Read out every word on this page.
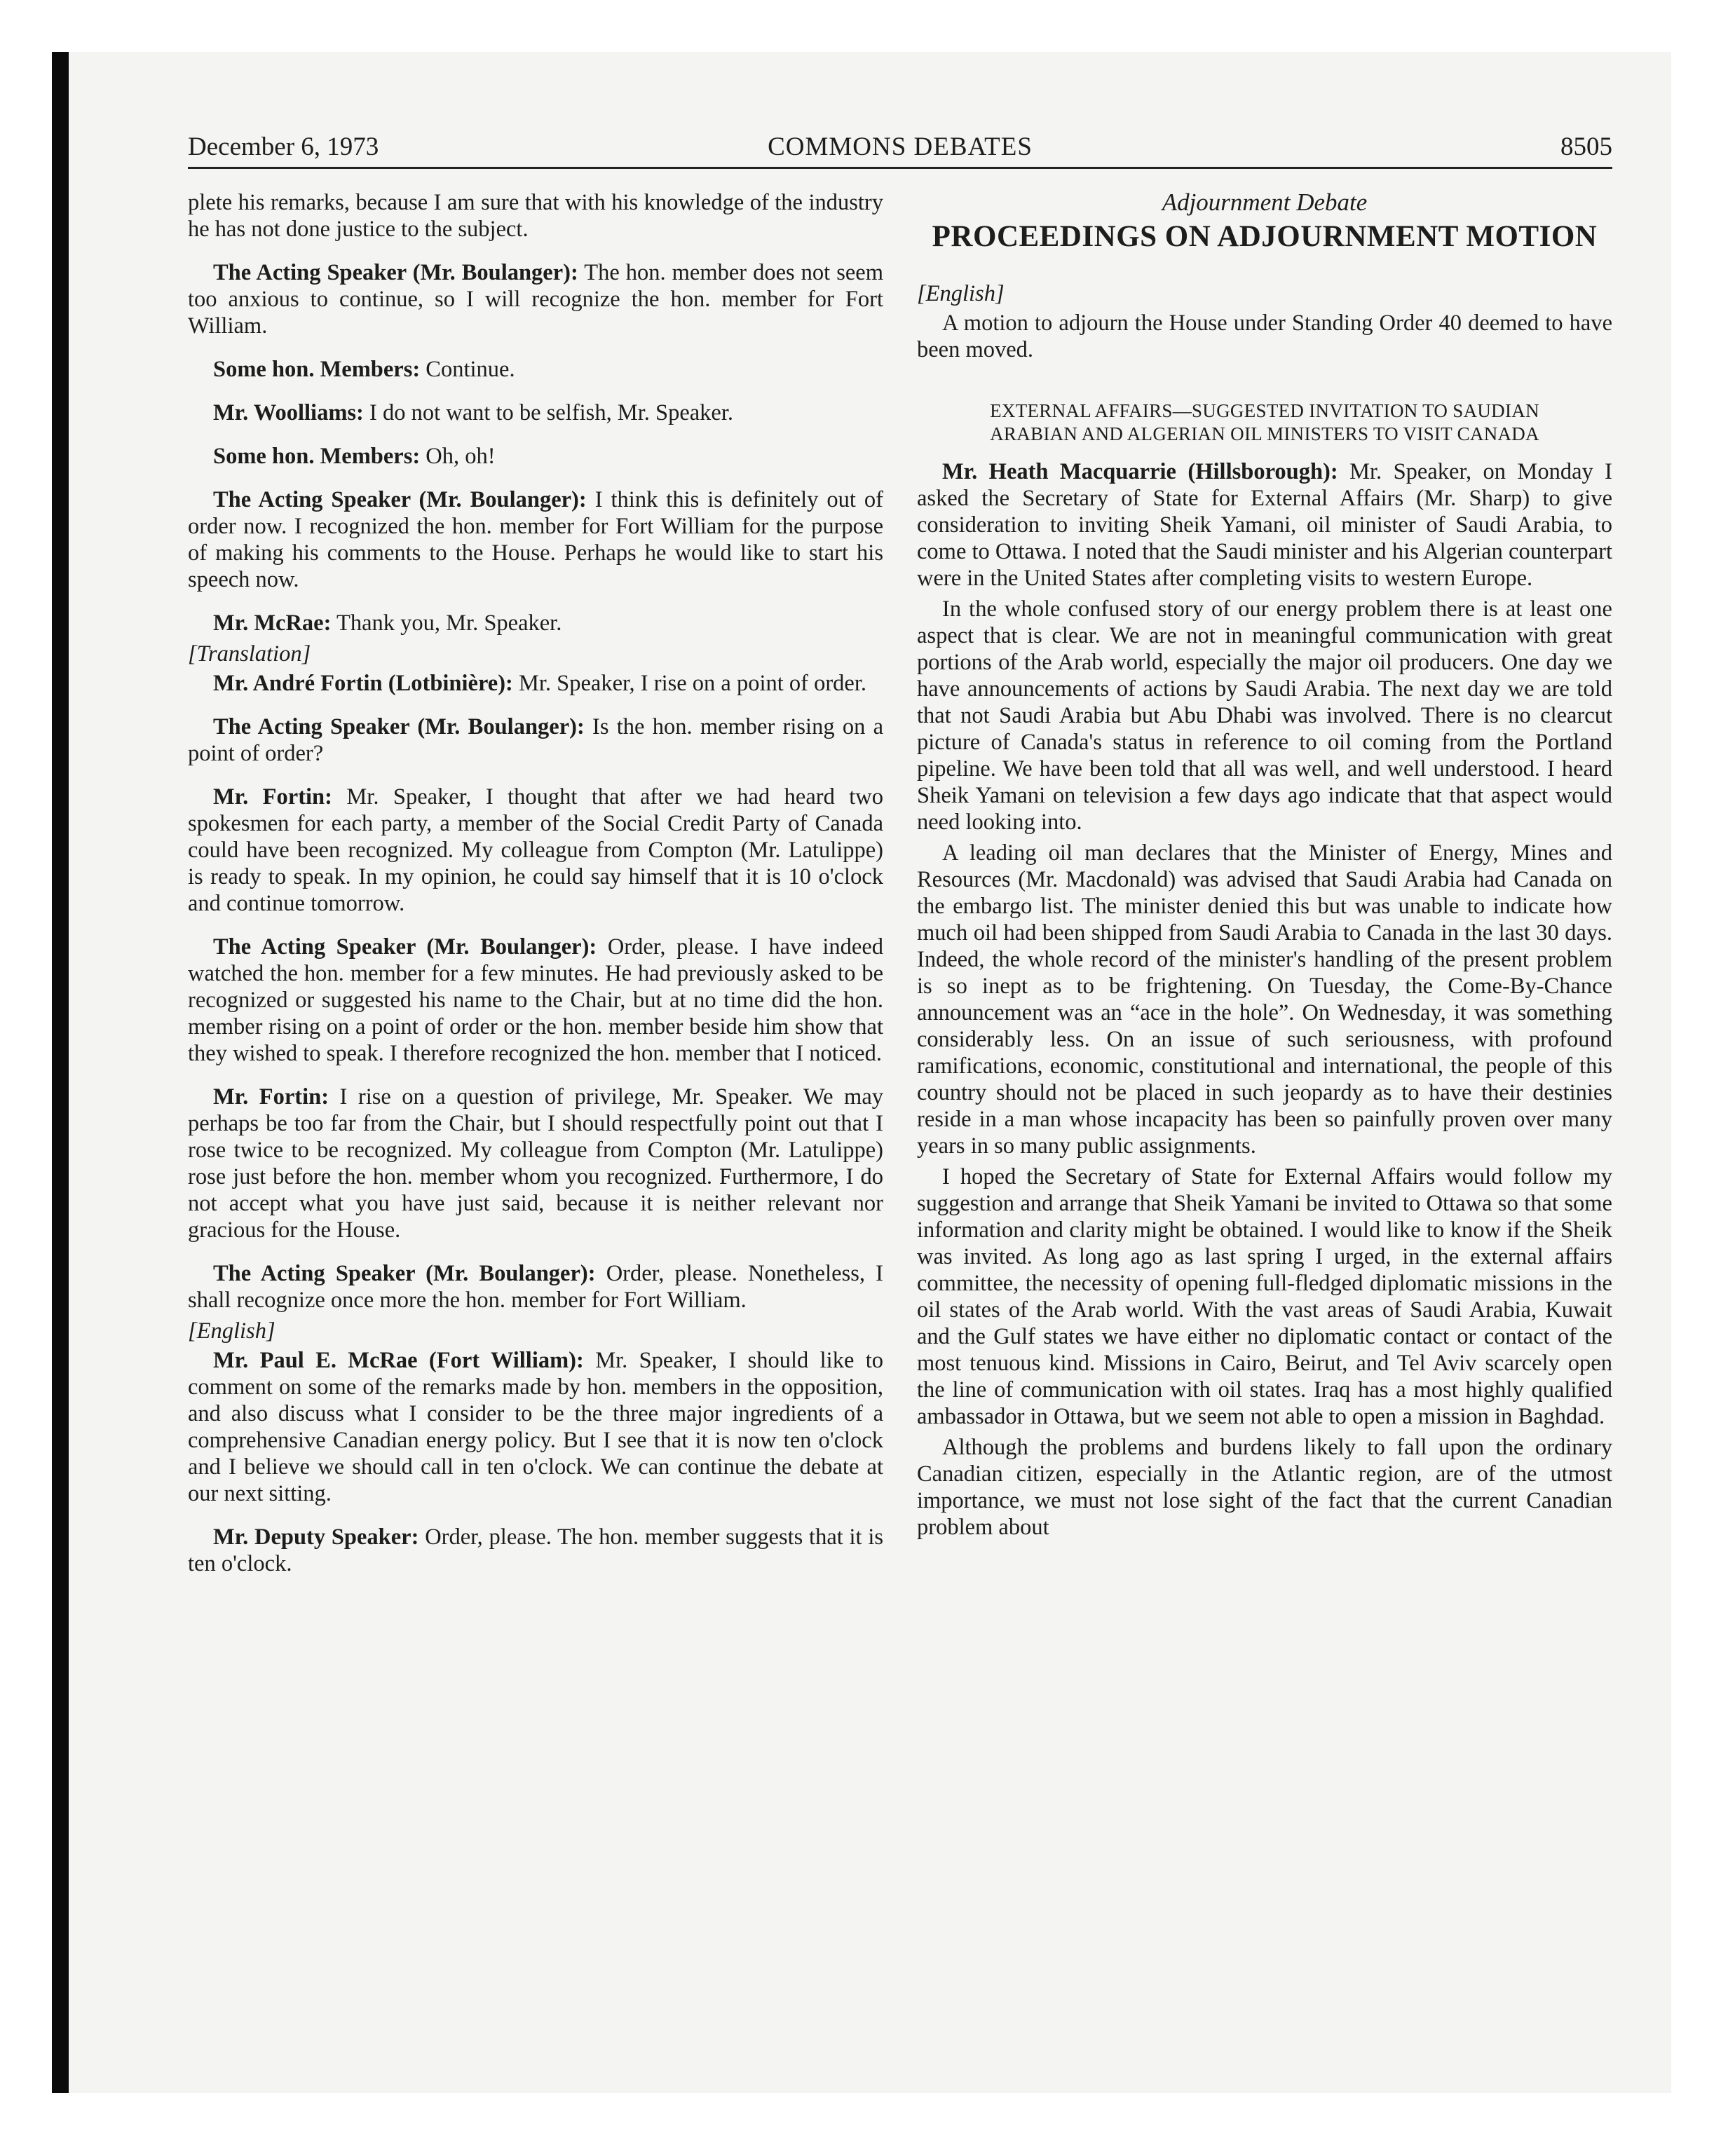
December 6, 1973	COMMONS DEBATES	8505

plete his remarks, because I am sure that with his knowledge of the industry he has not done justice to the subject.

The Acting Speaker (Mr. Boulanger): The hon. member does not seem too anxious to continue, so I will recognize the hon. member for Fort William.

Some hon. Members: Continue.

Mr. Woolliams: I do not want to be selfish, Mr. Speaker.

Some hon. Members: Oh, oh!

The Acting Speaker (Mr. Boulanger): I think this is definitely out of order now. I recognized the hon. member for Fort William for the purpose of making his comments to the House. Perhaps he would like to start his speech now.

Mr. McRae: Thank you, Mr. Speaker.

[Translation]

Mr. André Fortin (Lotbinière): Mr. Speaker, I rise on a point of order.

The Acting Speaker (Mr. Boulanger): Is the hon. member rising on a point of order?

Mr. Fortin: Mr. Speaker, I thought that after we had heard two spokesmen for each party, a member of the Social Credit Party of Canada could have been recognized. My colleague from Compton (Mr. Latulippe) is ready to speak. In my opinion, he could say himself that it is 10 o'clock and continue tomorrow.

The Acting Speaker (Mr. Boulanger): Order, please. I have indeed watched the hon. member for a few minutes. He had previously asked to be recognized or suggested his name to the Chair, but at no time did the hon. member rising on a point of order or the hon. member beside him show that they wished to speak. I therefore recognized the hon. member that I noticed.

Mr. Fortin: I rise on a question of privilege, Mr. Speaker. We may perhaps be too far from the Chair, but I should respectfully point out that I rose twice to be recognized. My colleague from Compton (Mr. Latulippe) rose just before the hon. member whom you recognized. Furthermore, I do not accept what you have just said, because it is neither relevant nor gracious for the House.

The Acting Speaker (Mr. Boulanger): Order, please. Nonetheless, I shall recognize once more the hon. member for Fort William.

[English]

Mr. Paul E. McRae (Fort William): Mr. Speaker, I should like to comment on some of the remarks made by hon. members in the opposition, and also discuss what I consider to be the three major ingredients of a comprehensive Canadian energy policy. But I see that it is now ten o'clock and I believe we should call in ten o'clock. We can continue the debate at our next sitting.

Mr. Deputy Speaker: Order, please. The hon. member suggests that it is ten o'clock.

Adjournment Debate

PROCEEDINGS ON ADJOURNMENT MOTION

[English]

A motion to adjourn the House under Standing Order 40 deemed to have been moved.

EXTERNAL AFFAIRS—SUGGESTED INVITATION TO SAUDIAN ARABIAN AND ALGERIAN OIL MINISTERS TO VISIT CANADA

Mr. Heath Macquarrie (Hillsborough): Mr. Speaker, on Monday I asked the Secretary of State for External Affairs (Mr. Sharp) to give consideration to inviting Sheik Yamani, oil minister of Saudi Arabia, to come to Ottawa. I noted that the Saudi minister and his Algerian counterpart were in the United States after completing visits to western Europe.

In the whole confused story of our energy problem there is at least one aspect that is clear. We are not in meaningful communication with great portions of the Arab world, especially the major oil producers. One day we have announcements of actions by Saudi Arabia. The next day we are told that not Saudi Arabia but Abu Dhabi was involved. There is no clearcut picture of Canada's status in reference to oil coming from the Portland pipeline. We have been told that all was well, and well understood. I heard Sheik Yamani on television a few days ago indicate that that aspect would need looking into.

A leading oil man declares that the Minister of Energy, Mines and Resources (Mr. Macdonald) was advised that Saudi Arabia had Canada on the embargo list. The minister denied this but was unable to indicate how much oil had been shipped from Saudi Arabia to Canada in the last 30 days. Indeed, the whole record of the minister's handling of the present problem is so inept as to be frightening. On Tuesday, the Come-By-Chance announcement was an “ace in the hole”. On Wednesday, it was something considerably less. On an issue of such seriousness, with profound ramifications, economic, constitutional and international, the people of this country should not be placed in such jeopardy as to have their destinies reside in a man whose incapacity has been so painfully proven over many years in so many public assignments.

I hoped the Secretary of State for External Affairs would follow my suggestion and arrange that Sheik Yamani be invited to Ottawa so that some information and clarity might be obtained. I would like to know if the Sheik was invited. As long ago as last spring I urged, in the external affairs committee, the necessity of opening full-fledged diplomatic missions in the oil states of the Arab world. With the vast areas of Saudi Arabia, Kuwait and the Gulf states we have either no diplomatic contact or contact of the most tenuous kind. Missions in Cairo, Beirut, and Tel Aviv scarcely open the line of communication with oil states. Iraq has a most highly qualified ambassador in Ottawa, but we seem not able to open a mission in Baghdad.

Although the problems and burdens likely to fall upon the ordinary Canadian citizen, especially in the Atlantic region, are of the utmost importance, we must not lose sight of the fact that the current Canadian problem about
